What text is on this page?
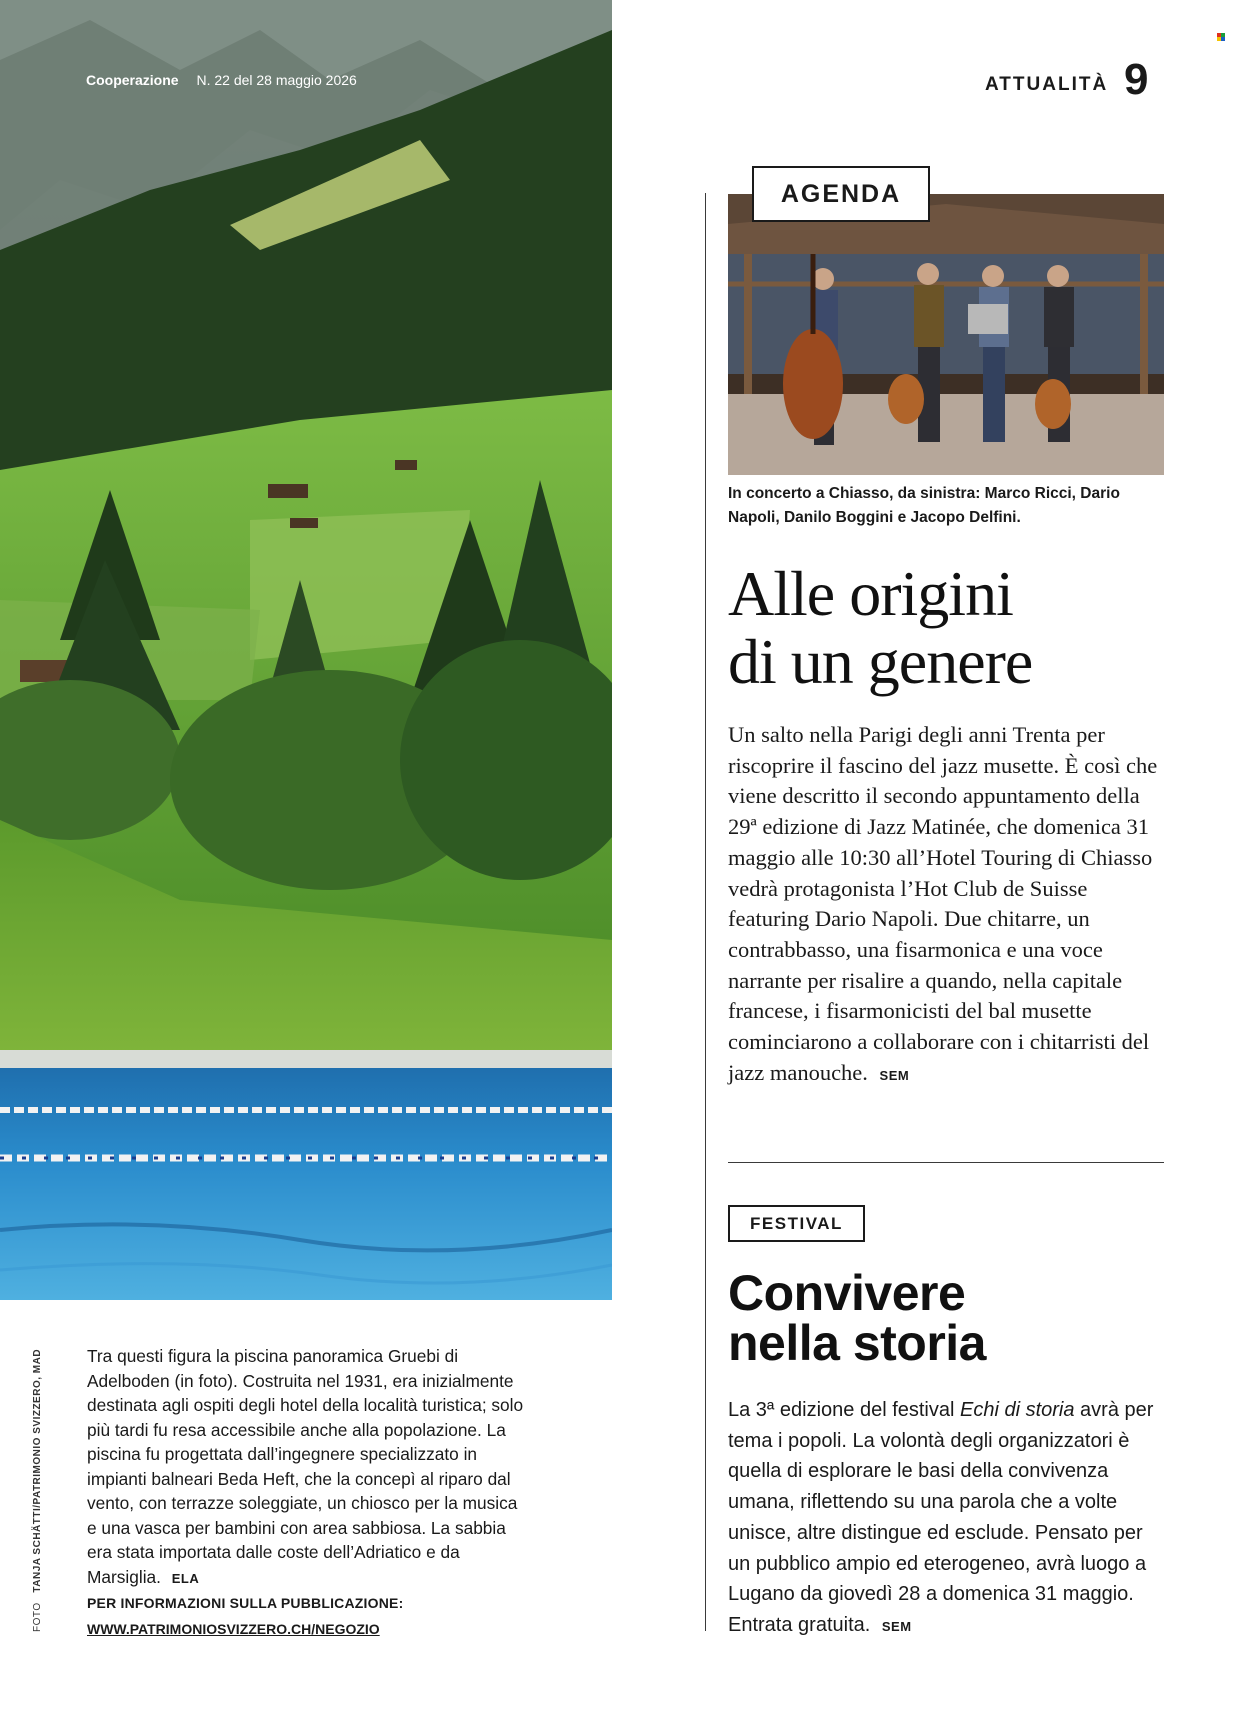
Cooperazione N. 22 del 28 maggio 2026
FOTO   TANJA SCHÄTTI/PATRIMONIO SVIZZERO, MAD	Tra questi figura la piscina panoramica Gruebi di Adelboden (in foto). Costruita nel 1931, era inizialmente destinata agli ospiti degli hotel della località turistica; solo più tardi fu resa accessibile anche alla popolazione. La piscina fu progettata dall’ingegnere specializzato in impianti balneari Beda Heft, che la concepì al riparo dal vento, con terrazze soleggiate, un chiosco per la musica e una vasca per bambini con area sabbiosa. La sabbia era stata importata dalle coste dell’Adriatico e da Marsiglia. ELA

PER INFORMAZIONI SULLA PUBBLICAZIONE:

WWW.PATRIMONIOSVIZZERO.CH/NEGOZIO

ATTUALITÀ 9
AGENDA
In concerto a Chiasso, da sinistra: Marco Ricci, Dario Napoli, Danilo Boggini e Jacopo Delfini.
Alle origini
di un genere
Un salto nella Parigi degli anni Trenta per riscoprire il fascino del jazz musette. È così che viene descritto il secondo appuntamento della 29ª edizione di Jazz Matinée, che domenica 31 maggio alle 10:30 all’Hotel Touring di Chiasso vedrà protagonista l’Hot Club de Suisse featuring Dario Napoli. Due chitarre, un contrabbasso, una fisarmonica e una voce narrante per risalire a quando, nella capitale francese, i fisarmonicisti del bal musette cominciarono a collaborare con i chitarristi del jazz manouche. SEM
FESTIVAL
Convivere
nella storia
La 3ª edizione del festival Echi di storia avrà per tema i popoli. La volontà degli organizzatori è quella di esplorare le basi della convivenza umana, riflettendo su una parola che a volte unisce, altre distingue ed esclude. Pensato per un pubblico ampio ed eterogeneo, avrà luogo a Lugano da giovedì 28 a domenica 31 maggio. Entrata gratuita. SEM
